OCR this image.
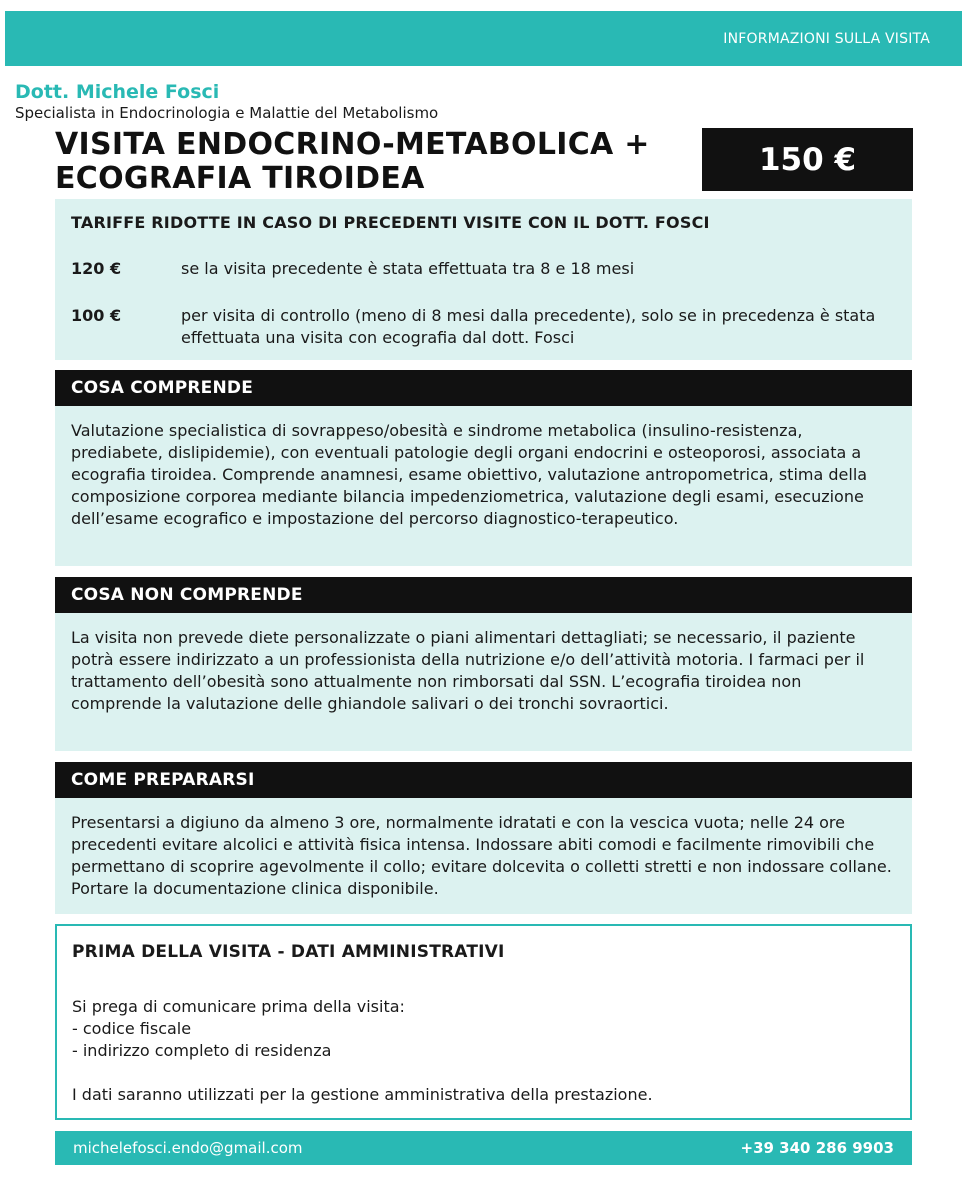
INFORMAZIONI SULLA VISITA
Dott. Michele Fosci
Specialista in Endocrinologia e Malattie del Metabolismo
VISITA ENDOCRINO-METABOLICA +
ECOGRAFIA TIROIDEA
150 €
TARIFFE RIDOTTE IN CASO DI PRECEDENTI VISITE CON IL DOTT. FOSCI
120 €	se la visita precedente è stata effettuata tra 8 e 18 mesi
100 €	per visita di controllo (meno di 8 mesi dalla precedente), solo se in precedenza è stata effettuata una visita con ecografia dal dott. Fosci
COSA COMPRENDE
Valutazione specialistica di sovrappeso/obesità e sindrome metabolica (insulino-resistenza, prediabete, dislipidemie), con eventuali patologie degli organi endocrini e osteoporosi, associata a ecografia tiroidea. Comprende anamnesi, esame obiettivo, valutazione antropometrica, stima della composizione corporea mediante bilancia impedenziometrica, valutazione degli esami, esecuzione dell’esame ecografico e impostazione del percorso diagnostico-terapeutico.
COSA NON COMPRENDE
La visita non prevede diete personalizzate o piani alimentari dettagliati; se necessario, il paziente potrà essere indirizzato a un professionista della nutrizione e/o dell’attività motoria. I farmaci per il trattamento dell’obesità sono attualmente non rimborsati dal SSN. L’ecografia tiroidea non comprende la valutazione delle ghiandole salivari o dei tronchi sovraortici.
COME PREPARARSI
Presentarsi a digiuno da almeno 3 ore, normalmente idratati e con la vescica vuota; nelle 24 ore precedenti evitare alcolici e attività fisica intensa. Indossare abiti comodi e facilmente rimovibili che permettano di scoprire agevolmente il collo; evitare dolcevita o colletti stretti e non indossare collane. Portare la documentazione clinica disponibile.
PRIMA DELLA VISITA - DATI AMMINISTRATIVI
Si prega di comunicare prima della visita:
- codice fiscale
- indirizzo completo di residenza
I dati saranno utilizzati per la gestione amministrativa della prestazione.
michelefosci.endo@gmail.com	+39 340 286 9903
